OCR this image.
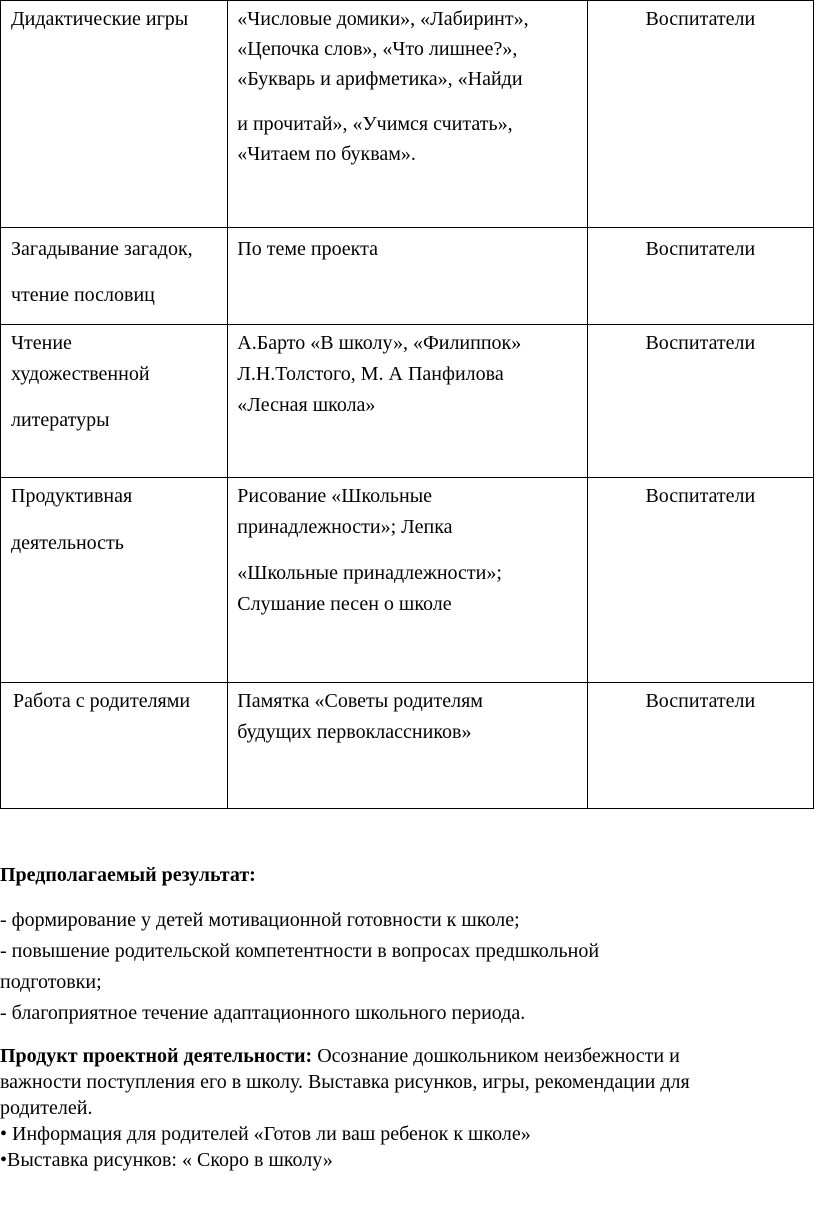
Дидактические игры	«Числовые домики», «Лабиринт»,
«Цепочка слов», «Что лишнее?»,
«Букварь и арифметика», «Найди
и прочитай», «Учимся считать»,
«Читаем по буквам».	Воспитатели

Загадывание загадок,
чтение пословиц	По теме проекта	Воспитатели

Чтение
художественной
литературы	А.Барто «В школу», «Филиппок»
Л.Н.Толстого, М. А Панфилова
«Лесная школа»	Воспитатели

Продуктивная
деятельность	Рисование «Школьные
принадлежности»; Лепка
«Школьные принадлежности»;
Слушание песен о школе	Воспитатели

Работа с родителями	Памятка «Советы родителям
будущих первоклассников»	Воспитатели
Предполагаемый результат:
- формирование у детей мотивационной готовности к школе;
- повышение родительской компетентности в вопросах предшкольной
подготовки;
- благоприятное течение адаптационного школьного периода.
Продукт проектной деятельности: Осознание дошкольником неизбежности и
важности поступления его в школу. Выставка рисунков, игры, рекомендации для
родителей.
• Информация для родителей «Готов ли ваш ребенок к школе»
•Выставка рисунков: « Скоро в школу»
